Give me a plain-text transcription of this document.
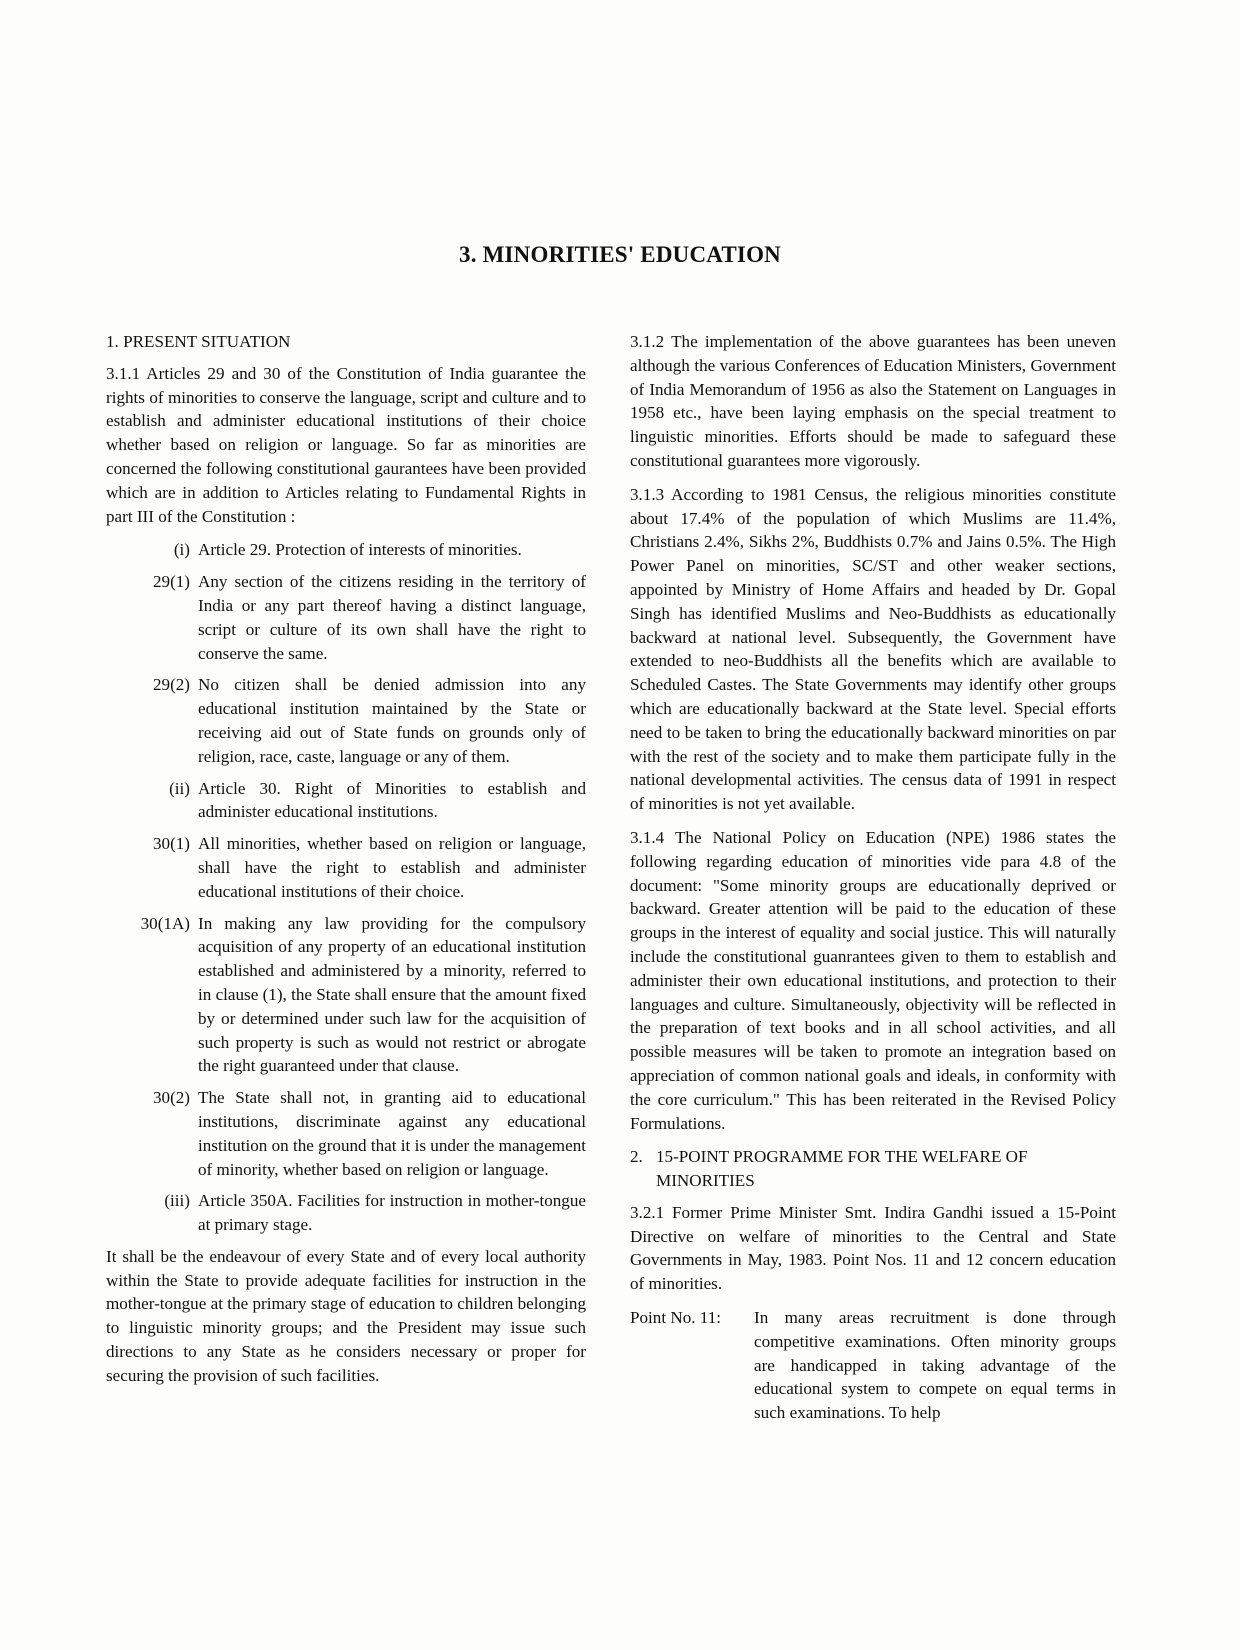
3. MINORITIES' EDUCATION
1. PRESENT SITUATION

3.1.1 Articles 29 and 30 of the Constitution of India guarantee the rights of minorities to conserve the language, script and culture and to establish and administer educational institutions of their choice whether based on religion or language. So far as minorities are concerned the following constitutional gaurantees have been provided which are in addition to Articles relating to Fundamental Rights in part III of the Constitution :

(i) Article 29. Protection of interests of minorities.
29(1) Any section of the citizens residing in the territory of India or any part thereof having a distinct language, script or culture of its own shall have the right to conserve the same.
29(2) No citizen shall be denied admission into any educational institution maintained by the State or receiving aid out of State funds on grounds only of religion, race, caste, language or any of them.
(ii) Article 30. Right of Minorities to establish and administer educational institutions.
30(1) All minorities, whether based on religion or language, shall have the right to establish and administer educational institutions of their choice.
30(1A) In making any law providing for the compulsory acquisition of any property of an educational institution established and administered by a minority, referred to in clause (1), the State shall ensure that the amount fixed by or determined under such law for the acquisition of such property is such as would not restrict or abrogate the right guaranteed under that clause.
30(2) The State shall not, in granting aid to educational institutions, discriminate against any educational institution on the ground that it is under the management of minority, whether based on religion or language.
(iii) Article 350A. Facilities for instruction in mother-tongue at primary stage.

It shall be the endeavour of every State and of every local authority within the State to provide adequate facilities for instruction in the mother-tongue at the primary stage of education to children belonging to linguistic minority groups; and the President may issue such directions to any State as he considers necessary or proper for securing the provision of such facilities.

3.1.2 The implementation of the above guarantees has been uneven although the various Conferences of Education Ministers, Government of India Memorandum of 1956 as also the Statement on Languages in 1958 etc., have been laying emphasis on the special treatment to linguistic minorities. Efforts should be made to safeguard these constitutional guarantees more vigorously.

3.1.3 According to 1981 Census, the religious minorities constitute about 17.4% of the population of which Muslims are 11.4%, Christians 2.4%, Sikhs 2%, Buddhists 0.7% and Jains 0.5%. The High Power Panel on minorities, SC/ST and other weaker sections, appointed by Ministry of Home Affairs and headed by Dr. Gopal Singh has identified Muslims and Neo-Buddhists as educationally backward at national level. Subsequently, the Government have extended to neo-Buddhists all the benefits which are available to Scheduled Castes. The State Governments may identify other groups which are educationally backward at the State level. Special efforts need to be taken to bring the educationally backward minorities on par with the rest of the society and to make them participate fully in the national developmental activities. The census data of 1991 in respect of minorities is not yet available.

3.1.4 The National Policy on Education (NPE) 1986 states the following regarding education of minorities vide para 4.8 of the document: "Some minority groups are educationally deprived or backward. Greater attention will be paid to the education of these groups in the interest of equality and social justice. This will naturally include the constitutional guanrantees given to them to establish and administer their own educational institutions, and protection to their languages and culture. Simultaneously, objectivity will be reflected in the preparation of text books and in all school activities, and all possible measures will be taken to promote an integration based on appreciation of common national goals and ideals, in conformity with the core curriculum." This has been reiterated in the Revised Policy Formulations.

2. 15-POINT PROGRAMME FOR THE WELFARE OF MINORITIES

3.2.1 Former Prime Minister Smt. Indira Gandhi issued a 15-Point Directive on welfare of minorities to the Central and State Governments in May, 1983. Point Nos. 11 and 12 concern education of minorities.

Point No. 11:	In many areas recruitment is done through competitive examinations. Often minority groups are handicapped in taking advantage of the educational system to compete on equal terms in such examinations. To help
